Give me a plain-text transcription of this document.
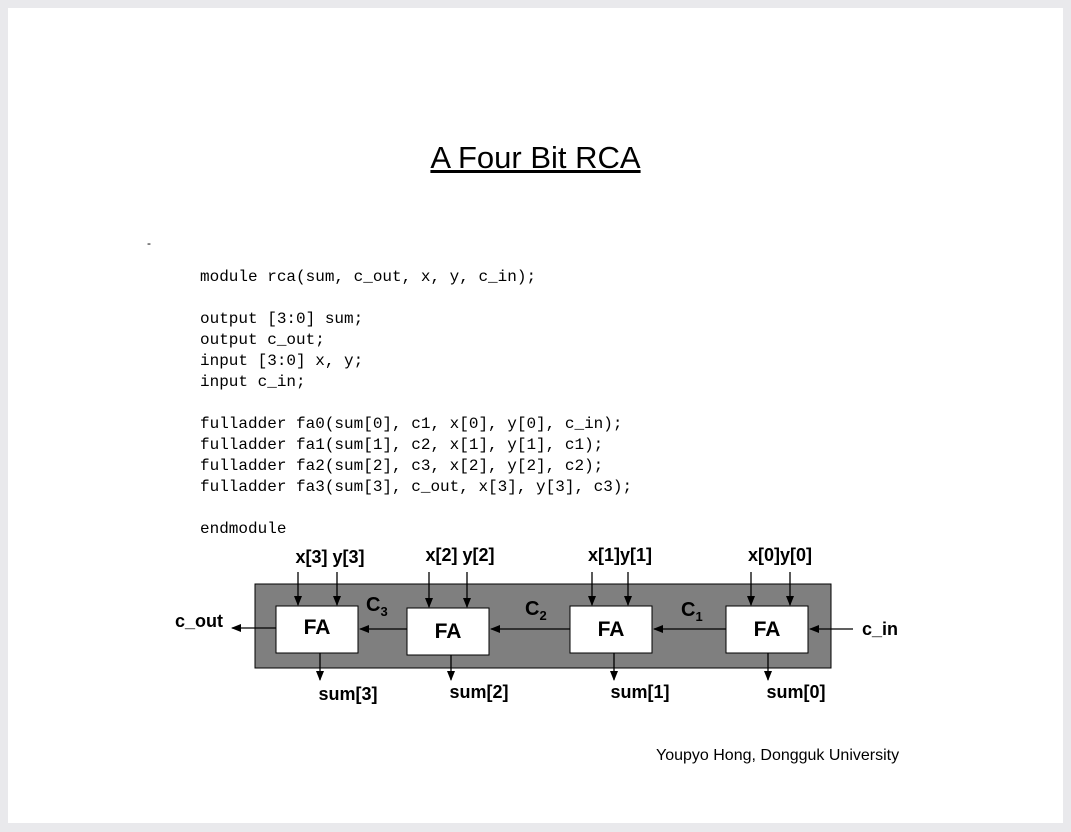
A Four Bit RCA
-
module rca(sum, c_out, x, y, c_in);
output [3:0] sum;
output c_out;
input [3:0] x, y;
input c_in;
fulladder fa0(sum[0], c1, x[0], y[0], c_in);
fulladder fa1(sum[1], c2, x[1], y[1], c1);
fulladder fa2(sum[2], c3, x[2], y[2], c2);
fulladder fa3(sum[3], c_out, x[3], y[3], c3);
endmodule
FA	FA	FA	FA
x[3] y[3]	x[2] y[2]	x[1]y[1]	x[0]y[0]
$C_3$	$C_2$	$C_1$
c_out	c_in
sum[3]	sum[2]	sum[1]	sum[0]
Youpyo Hong, Dongguk University
